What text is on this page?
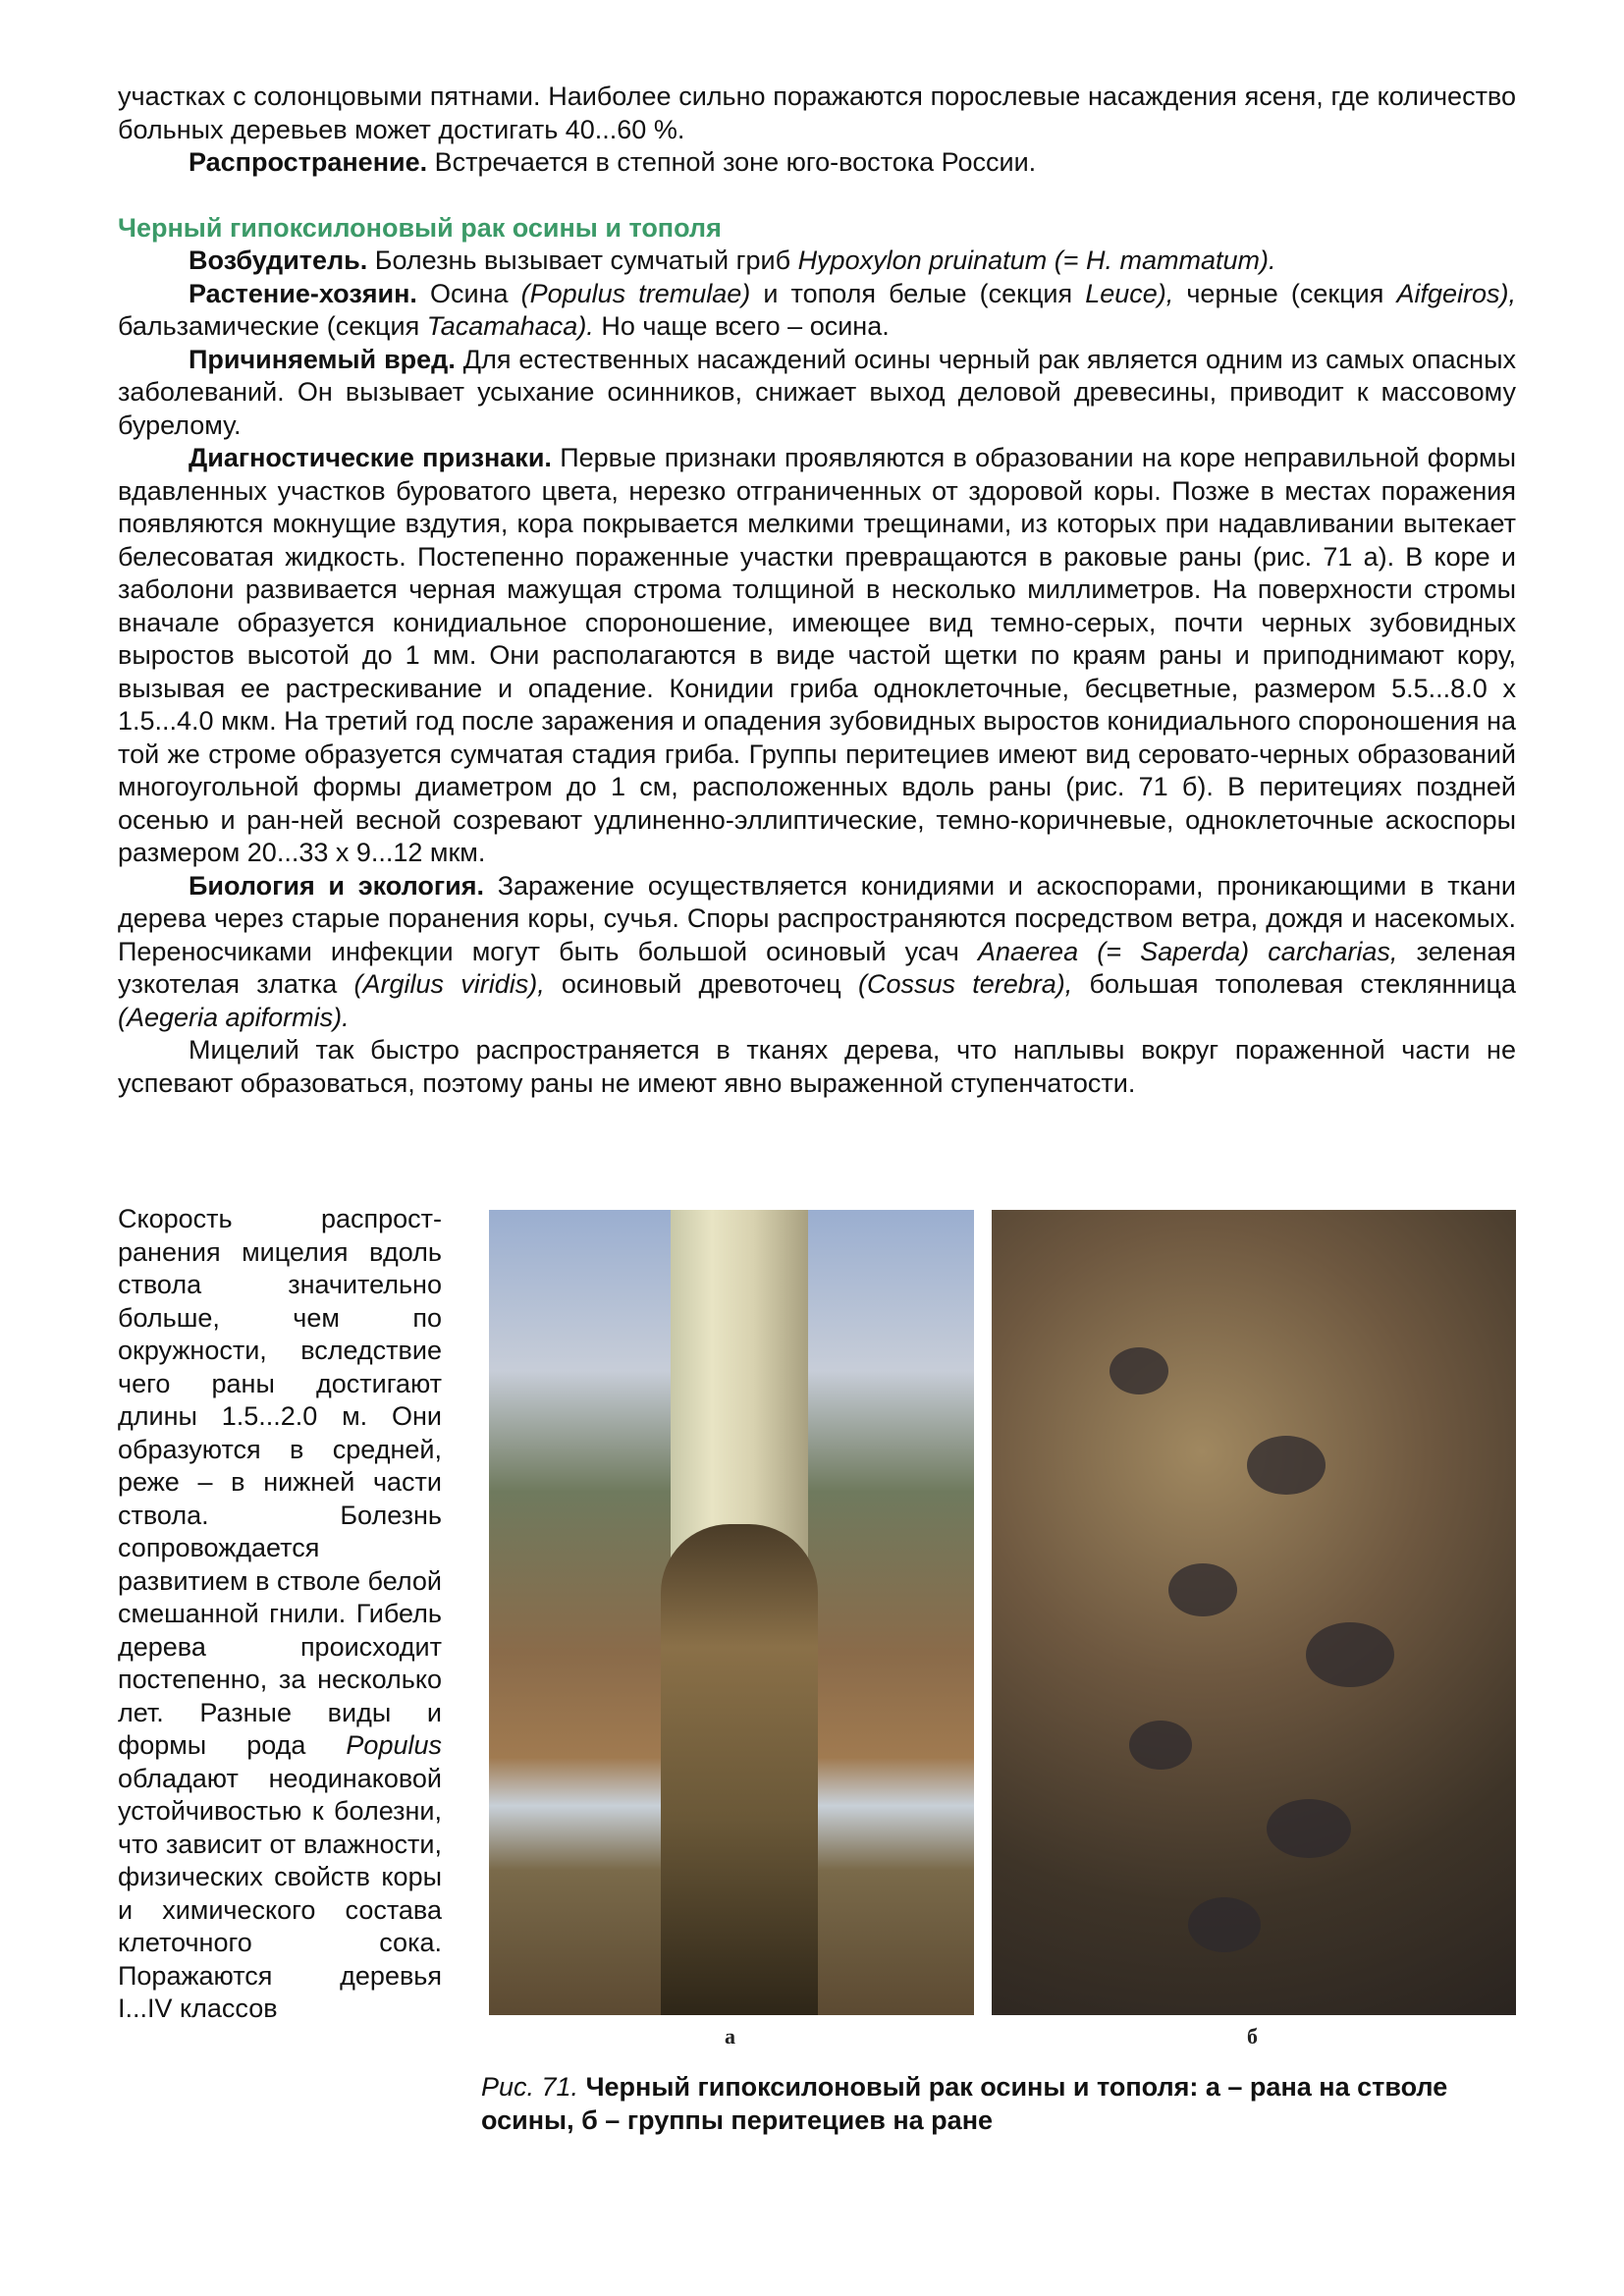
участках с солонцовыми пятнами. Наиболее сильно поражаются порослевые насаждения ясеня, где количество больных деревьев может достигать 40...60 %.

Распространение. Встречается в степной зоне юго-востока России.

Черный гипоксилоновый рак осины и тополя

Возбудитель. Болезнь вызывает сумчатый гриб Hypoxylon pruinatum (= H. mammatum).

Растение-хозяин. Осина (Populus tremulae) и тополя белые (секция Leuce), черные (секция Aifgeiros), бальзамические (секция Tacamahaca). Но чаще всего – осина.

Причиняемый вред. Для естественных насаждений осины черный рак является одним из самых опасных заболеваний. Он вызывает усыхание осинников, снижает выход деловой древесины, приводит к массовому бурелому.

Диагностические признаки. Первые признаки проявляются в образовании на коре неправильной формы вдавленных участков буроватого цвета, нерезко отграниченных от здоровой коры. Позже в местах поражения появляются мокнущие вздутия, кора покрывается мелкими трещинами, из которых при надавливании вытекает белесоватая жидкость. Постепенно пораженные участки превращаются в раковые раны (рис. 71 а). В коре и заболони развивается черная мажущая строма толщиной в несколько миллиметров. На поверхности стромы вначале образуется конидиальное спороношение, имеющее вид темно-серых, почти черных зубовидных выростов высотой до 1 мм. Они располагаются в виде частой щетки по краям раны и приподнимают кору, вызывая ее растрескивание и опадение. Конидии гриба одноклеточные, бесцветные, размером 5.5...8.0 x 1.5...4.0 мкм. На третий год после заражения и опадения зубовидных выростов конидиального спороношения на той же строме образуется сумчатая стадия гриба. Группы перитециев имеют вид серовато-черных образований многоугольной формы диаметром до 1 см, расположенных вдоль раны (рис. 71 б). В перитециях поздней осенью и ран-ней весной созревают удлиненно-эллиптические, темно-коричневые, одноклеточные аскоспоры размером 20...33 x 9...12 мкм.

Биология и экология. Заражение осуществляется конидиями и аскоспорами, проникающими в ткани дерева через старые поранения коры, сучья. Споры распространяются посредством ветра, дождя и насекомых. Переносчиками инфекции могут быть большой осиновый усач Anaerea (= Saperda) carcharias, зеленая узкотелая златка (Argilus viridis), осиновый древоточец (Cossus terebra), большая тополевая стеклянница (Aegeria apiformis).

Мицелий так быстро распространяется в тканях дерева, что наплывы вокруг пораженной части не успевают образоваться, поэтому раны не имеют явно выраженной ступенчатости.

Скорость распрост-ранения мицелия вдоль ствола значительно больше, чем по окружности, вследствие чего раны достигают длины 1.5...2.0 м. Они образуются в средней, реже – в нижней части ствола. Болезнь сопровождается развитием в стволе белой смешанной гнили. Гибель дерева происходит постепенно, за несколько лет. Разные виды и формы рода Populus обладают неодинаковой устойчивостью к болезни, что зависит от влажности, физических свойств коры и химического состава клеточного сока. Поражаются деревья I...IV классов

а	б

Рис. 71. Черный гипоксилоновый рак осины и тополя: а – рана на стволе осины, б – группы перитециев на ране
